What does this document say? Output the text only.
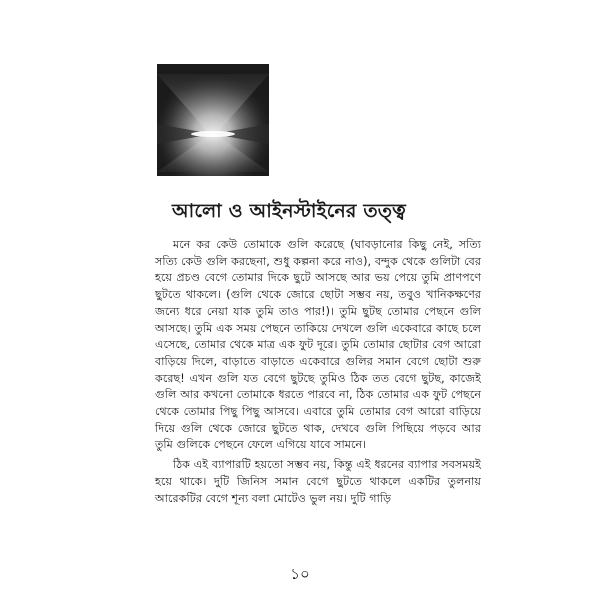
আলো ও আইনস্টাইনের তত্ত্ব

মনে কর কেউ তোমাকে গুলি করেছে (ঘাবড়ানোর কিছু নেই, সত্যি সত্যি কেউ গুলি করছেনা, শুধু কল্পনা করে নাও), বন্দুক থেকে গুলিটা বের হয়ে প্রচণ্ড বেগে তোমার দিকে ছুটে আসছে আর ভয় পেয়ে তুমি প্রাণপণে ছুটতে থাকলে। (গুলি থেকে জোরে ছোটা সম্ভব নয়, তবুও খানিকক্ষণের জন্যে ধরে নেয়া যাক তুমি তাও পার!)। তুমি ছুটছ তোমার পেছনে গুলি আসছে। তুমি এক সময় পেছনে তাকিয়ে দেখলে গুলি একেবারে কাছে চলে এসেছে, তোমার থেকে মাত্র এক ফুট দূরে। তুমি তোমার ছোটার বেগ আরো বাড়িয়ে দিলে, বাড়াতে বাড়াতে একেবারে গুলির সমান বেগে ছোটা শুরু করেছ! এখন গুলি যত বেগে ছুটছে তুমিও ঠিক তত বেগে ছুটছ, কাজেই গুলি আর কখনো তোমাকে ধরতে পারবে না, ঠিক তোমার এক ফুট পেছনে থেকে তোমার পিছু পিছু আসবে। এবারে তুমি তোমার বেগ আরো বাড়িয়ে দিয়ে গুলি থেকে জোরে ছুটতে থাক, দেখবে গুলি পিছিয়ে পড়বে আর তুমি গুলিকে পেছনে ফেলে এগিয়ে যাবে সামনে।

ঠিক এই ব্যাপারটি হয়তো সম্ভব নয়, কিন্তু এই ধরনের ব্যাপার সবসময়ই হয়ে থাকে। দুটি জিনিস সমান বেগে ছুটতে থাকলে একটির তুলনায় আরেকটির বেগে শূন্য বলা মোটেও ভুল নয়। দুটি গাড়ি

১০
